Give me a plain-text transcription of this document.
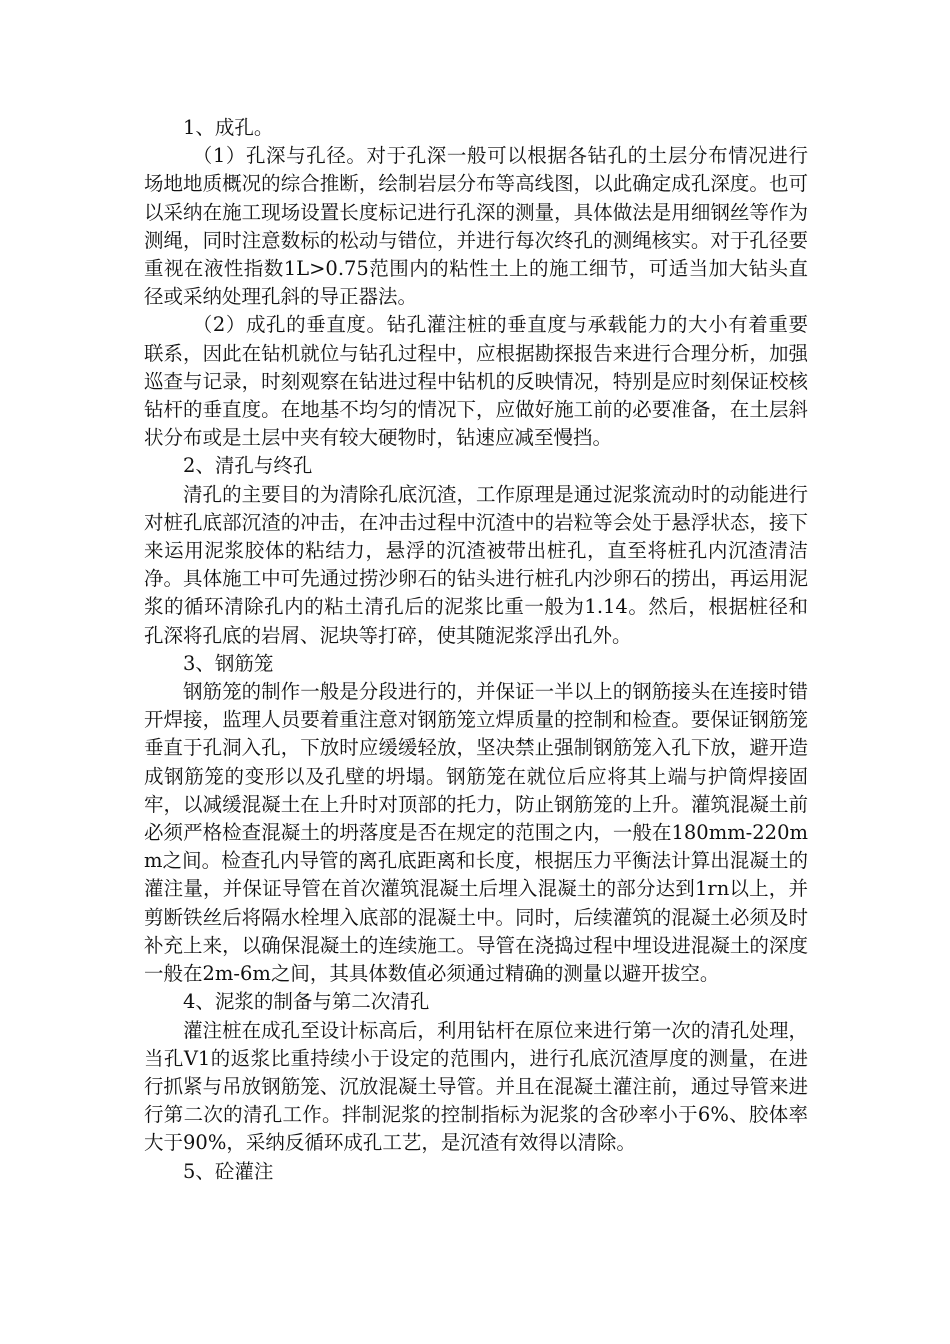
1、成孔。

（1）孔深与孔径。对于孔深一般可以根据各钻孔的土层分布情况进行场地地质概况的综合推断，绘制岩层分布等高线图，以此确定成孔深度。也可以采纳在施工现场设置长度标记进行孔深的测量，具体做法是用细钢丝等作为测绳，同时注意数标的松动与错位，并进行每次终孔的测绳核实。对于孔径要重视在液性指数1L>0.75范围内的粘性土上的施工细节，可适当加大钻头直径或采纳处理孔斜的导正器法。

（2）成孔的垂直度。钻孔灌注桩的垂直度与承载能力的大小有着重要联系，因此在钻机就位与钻孔过程中，应根据勘探报告来进行合理分析，加强巡查与记录，时刻观察在钻进过程中钻机的反映情况，特别是应时刻保证校核钻杆的垂直度。在地基不均匀的情况下，应做好施工前的必要准备，在土层斜状分布或是土层中夹有较大硬物时，钻速应减至慢挡。

2、清孔与终孔

清孔的主要目的为清除孔底沉渣，工作原理是通过泥浆流动时的动能进行对桩孔底部沉渣的冲击，在冲击过程中沉渣中的岩粒等会处于悬浮状态，接下来运用泥浆胶体的粘结力，悬浮的沉渣被带出桩孔，直至将桩孔内沉渣清洁净。具体施工中可先通过捞沙卵石的钻头进行桩孔内沙卵石的捞出，再运用泥浆的循环清除孔内的粘土清孔后的泥浆比重一般为1.14。然后，根据桩径和孔深将孔底的岩屑、泥块等打碎，使其随泥浆浮出孔外。

3、钢筋笼

钢筋笼的制作一般是分段进行的，并保证一半以上的钢筋接头在连接时错开焊接，监理人员要着重注意对钢筋笼立焊质量的控制和检查。要保证钢筋笼垂直于孔洞入孔，下放时应缓缓轻放，坚决禁止强制钢筋笼入孔下放，避开造成钢筋笼的变形以及孔壁的坍塌。钢筋笼在就位后应将其上端与护筒焊接固牢，以减缓混凝土在上升时对顶部的托力，防止钢筋笼的上升。灌筑混凝土前必须严格检查混凝土的坍落度是否在规定的范围之内，一般在180mm-220mm之间。检查孔内导管的离孔底距离和长度，根据压力平衡法计算出混凝土的灌注量，并保证导管在首次灌筑混凝土后埋入混凝土的部分达到1rn以上，并剪断铁丝后将隔水栓埋入底部的混凝土中。同时，后续灌筑的混凝土必须及时补充上来，以确保混凝土的连续施工。导管在浇捣过程中埋设进混凝土的深度一般在2m-6m之间，其具体数值必须通过精确的测量以避开拔空。

4、泥浆的制备与第二次清孔

灌注桩在成孔至设计标高后，利用钻杆在原位来进行第一次的清孔处理，当孔V1的返浆比重持续小于设定的范围内，进行孔底沉渣厚度的测量，在进行抓紧与吊放钢筋笼、沉放混凝土导管。并且在混凝土灌注前，通过导管来进行第二次的清孔工作。拌制泥浆的控制指标为泥浆的含砂率小于6%、胶体率大于90%，采纳反循环成孔工艺，是沉渣有效得以清除。

5、砼灌注
